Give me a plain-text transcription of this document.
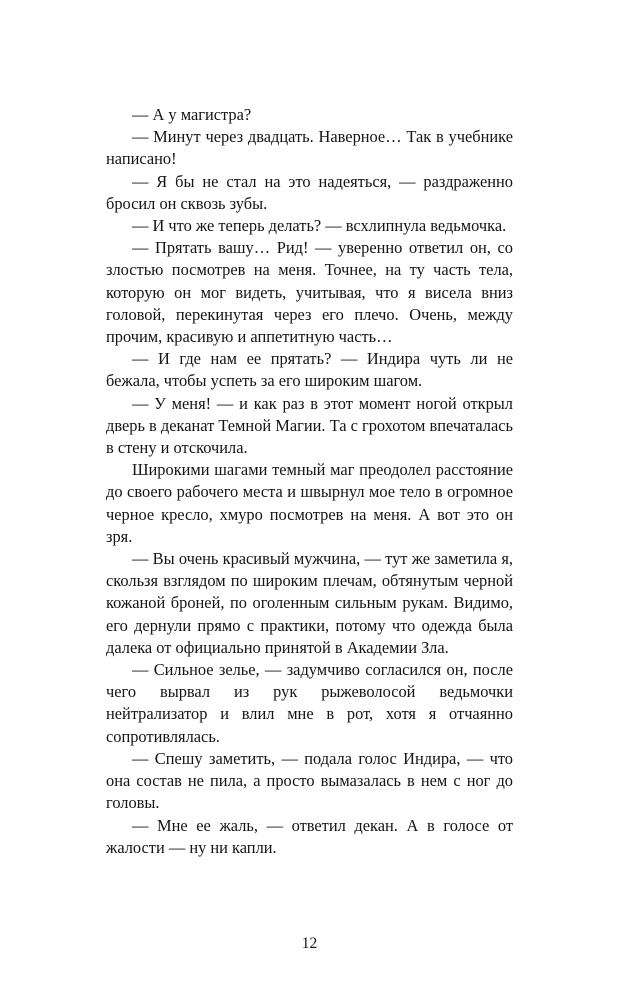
— А у магистра?

— Минут через двадцать. Наверное… Так в учебнике написано!

— Я бы не стал на это надеяться, — раздраженно бросил он сквозь зубы.

— И что же теперь делать? — всхлипнула ведьмочка.

— Прятать вашу… Рид! — уверенно ответил он, со злостью посмотрев на меня. Точнее, на ту часть тела, которую он мог видеть, учитывая, что я висела вниз головой, перекинутая через его плечо. Очень, между прочим, красивую и аппетитную часть…

— И где нам ее прятать? — Индира чуть ли не бежала, чтобы успеть за его широким шагом.

— У меня! — и как раз в этот момент ногой открыл дверь в деканат Темной Магии. Та с грохотом впечаталась в стену и отскочила.

Широкими шагами темный маг преодолел расстояние до своего рабочего места и швырнул мое тело в огромное черное кресло, хмуро посмотрев на меня. А вот это он зря.

— Вы очень красивый мужчина, — тут же заметила я, скользя взглядом по широким плечам, обтянутым черной кожаной броней, по оголенным сильным рукам. Видимо, его дернули прямо с практики, потому что одежда была далека от официально принятой в Академии Зла.

— Сильное зелье, — задумчиво согласился он, после чего вырвал из рук рыжеволосой ведьмочки нейтрализатор и влил мне в рот, хотя я отчаянно сопротивлялась.

— Спешу заметить, — подала голос Индира, — что она состав не пила, а просто вымазалась в нем с ног до головы.

— Мне ее жаль, — ответил декан. А в голосе от жалости — ну ни капли.

12
